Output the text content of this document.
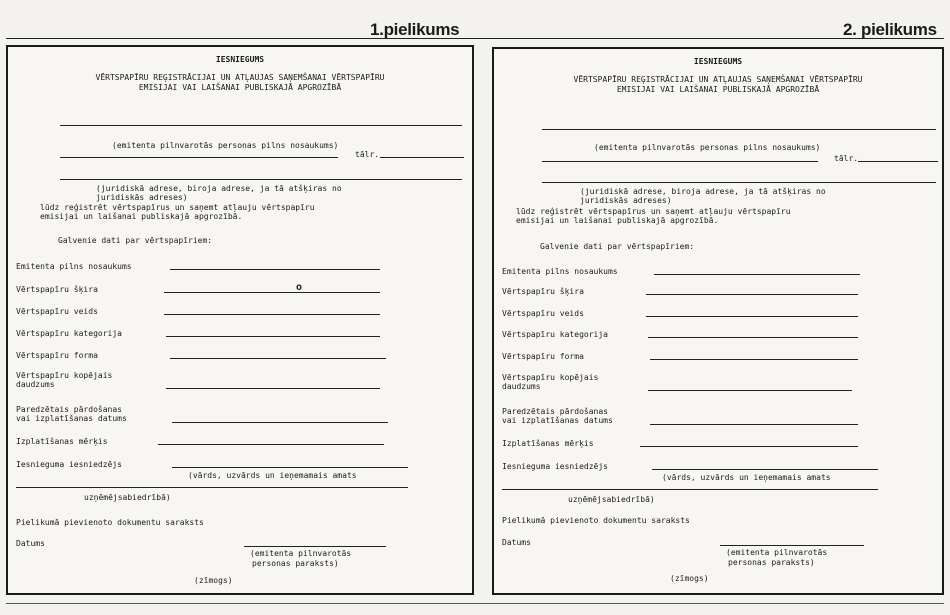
1.pielikums	2. pielikums
IESNIEGUMS
VĒRTSPAPĪRU REĢISTRĀCIJAI UN ATĻAUJAS SAŅEMŠANAI VĒRTSPAPĪRU
EMISIJAI VAI LAIŠANAI PUBLISKAJĀ APGROZĪBĀ
(emitenta pilnvarotās personas pilns nosaukums)
tālr.
(juridiskā adrese, biroja adrese, ja tā atšķiras no
juridiskās adreses)
lūdz reģistrēt vērtspapīrus un saņemt atļauju vērtspapīru
emisijai un laišanai publiskajā apgrozībā.
Galvenie dati par vērtspapīriem:
Emitenta pilns nosaukums
Vērtspapīru šķira	o
Vērtspapīru veids
Vērtspapīru kategorija
Vērtspapīru forma
Vērtspapīru kopējais
daudzums
Paredzētais pārdošanas
vai izplatīšanas datums
Izplatīšanas mērķis
Iesnieguma iesniedzējs
(vārds, uzvārds un ieņemamais amats
uzņēmējsabiedrībā)
Pielikumā pievienoto dokumentu saraksts
Datums
(emitenta pilnvarotās
personas paraksts)
(zīmogs)
IESNIEGUMS
VĒRTSPAPĪRU REĢISTRĀCIJAI UN ATĻAUJAS SAŅEMŠANAI VĒRTSPAPĪRU
EMISIJAI VAI LAIŠANAI PUBLISKAJĀ APGROZĪBĀ
(emitenta pilnvarotās personas pilns nosaukums)
tālr.
(juridiskā adrese, biroja adrese, ja tā atšķiras no
juridiskās adreses)
lūdz reģistrēt vērtspapīrus un saņemt atļauju vērtspapīru
emisijai un laišanai publiskajā apgrozībā.
Galvenie dati par vērtspapīriem:
Emitenta pilns nosaukums
Vērtspapīru šķira
Vērtspapīru veids
Vērtspapīru kategorija
Vērtspapīru forma
Vērtspapīru kopējais
daudzums
Paredzētais pārdošanas
vai izplatīšanas datums
Izplatīšanas mērķis
Iesnieguma iesniedzējs
(vārds, uzvārds un ieņemamais amats
uzņēmējsabiedrībā)
Pielikumā pievienoto dokumentu saraksts
Datums
(emitenta pilnvarotās
personas paraksts)
(zīmogs)
